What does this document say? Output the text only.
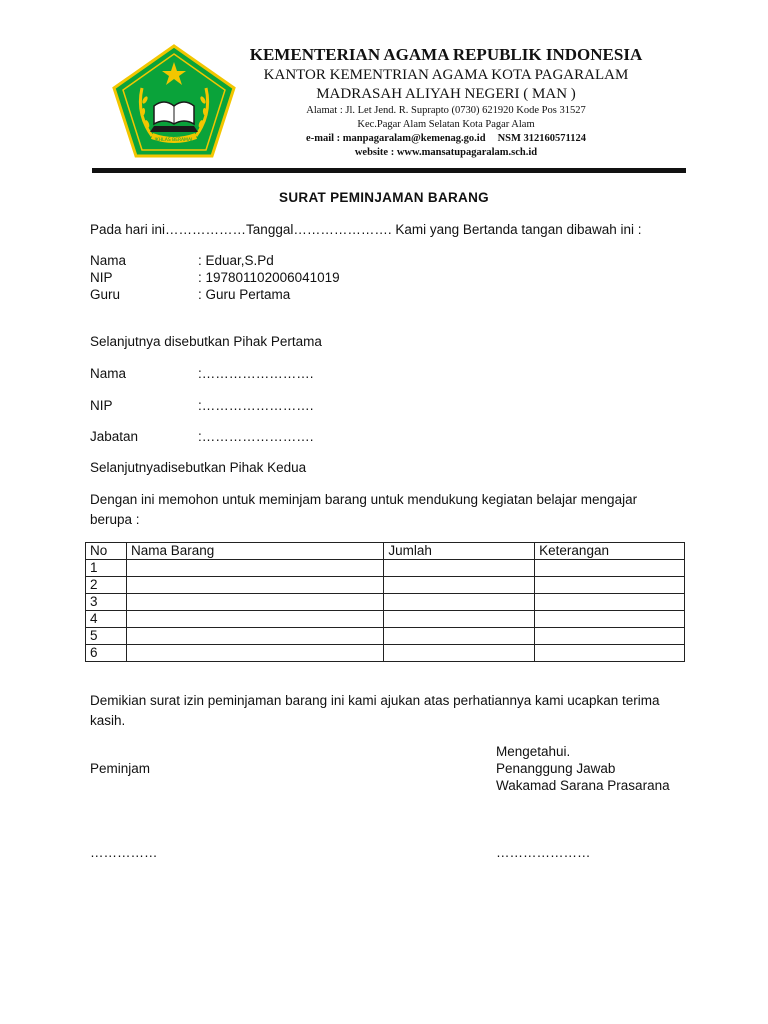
IKHLAS BERAMAL
KEMENTERIAN AGAMA REPUBLIK INDONESIA
KANTOR KEMENTRIAN AGAMA KOTA PAGARALAM
MADRASAH ALIYAH NEGERI ( MAN )
Alamat : Jl. Let Jend. R. Suprapto (0730) 621920 Kode Pos 31527
Kec.Pagar Alam Selatan Kota Pagar Alam
e-mail : manpagaralam@kemenag.go.id NSM 312160571124
website : www.mansatupagaralam.sch.id
SURAT PEMINJAMAN BARANG
Pada hari ini………………Tanggal…………………. Kami yang Bertanda tangan dibawah ini :
Nama	: Eduar,S.Pd
NIP	: 197801102006041019
Guru	: Guru Pertama
Selanjutnya disebutkan Pihak Pertama
Nama	:…………………….
NIP	:…………………….
Jabatan	:…………………….
Selanjutnyadisebutkan Pihak Kedua
Dengan ini memohon untuk meminjam barang untuk mendukung kegiatan belajar mengajar
berupa :
No	Nama Barang	Jumlah	Keterangan
1			
2			
3			
4			
5			
6			
Demikian surat izin peminjaman barang ini kami ajukan atas perhatiannya kami ucapkan terima
kasih.
Mengetahui.
Penanggung Jawab
Wakamad Sarana Prasarana
Peminjam
……………	…………………
